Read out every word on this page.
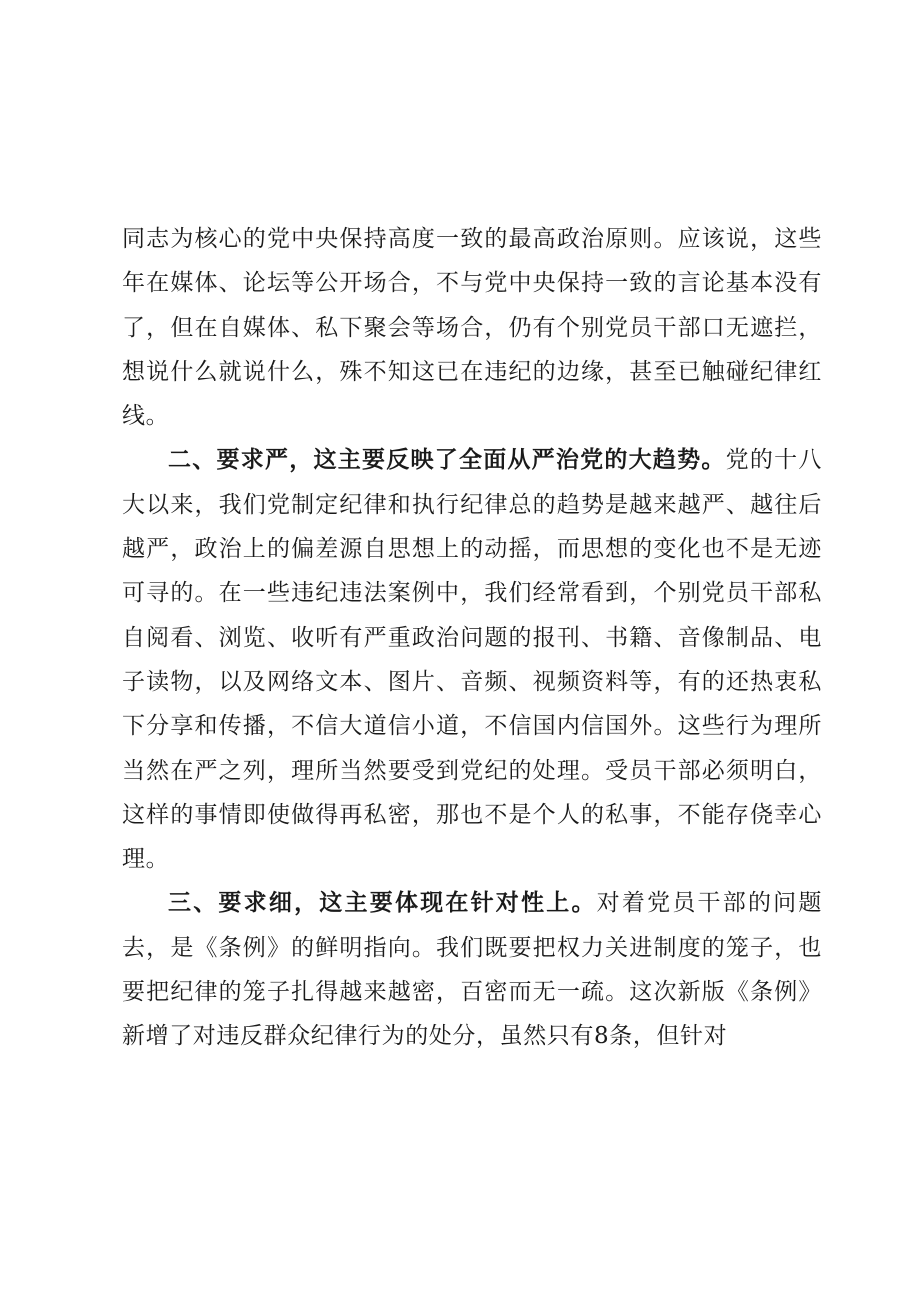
同志为核心的党中央保持高度一致的最高政治原则。应该说，这些年在媒体、论坛等公开场合，不与党中央保持一致的言论基本没有了，但在自媒体、私下聚会等场合，仍有个别党员干部口无遮拦，想说什么就说什么，殊不知这已在违纪的边缘，甚至已触碰纪律红线。

二、要求严，这主要反映了全面从严治党的大趋势。党的十八大以来，我们党制定纪律和执行纪律总的趋势是越来越严、越往后越严，政治上的偏差源自思想上的动摇，而思想的变化也不是无迹可寻的。在一些违纪违法案例中，我们经常看到，个别党员干部私自阅看、浏览、收听有严重政治问题的报刊、书籍、音像制品、电子读物，以及网络文本、图片、音频、视频资料等，有的还热衷私下分享和传播，不信大道信小道，不信国内信国外。这些行为理所当然在严之列，理所当然要受到党纪的处理。受员干部必须明白，这样的事情即使做得再私密，那也不是个人的私事，不能存侥幸心理。

三、要求细，这主要体现在针对性上。对着党员干部的问题去，是《条例》的鲜明指向。我们既要把权力关进制度的笼子，也要把纪律的笼子扎得越来越密，百密而无一疏。这次新版《条例》新增了对违反群众纪律行为的处分，虽然只有8条，但针对
